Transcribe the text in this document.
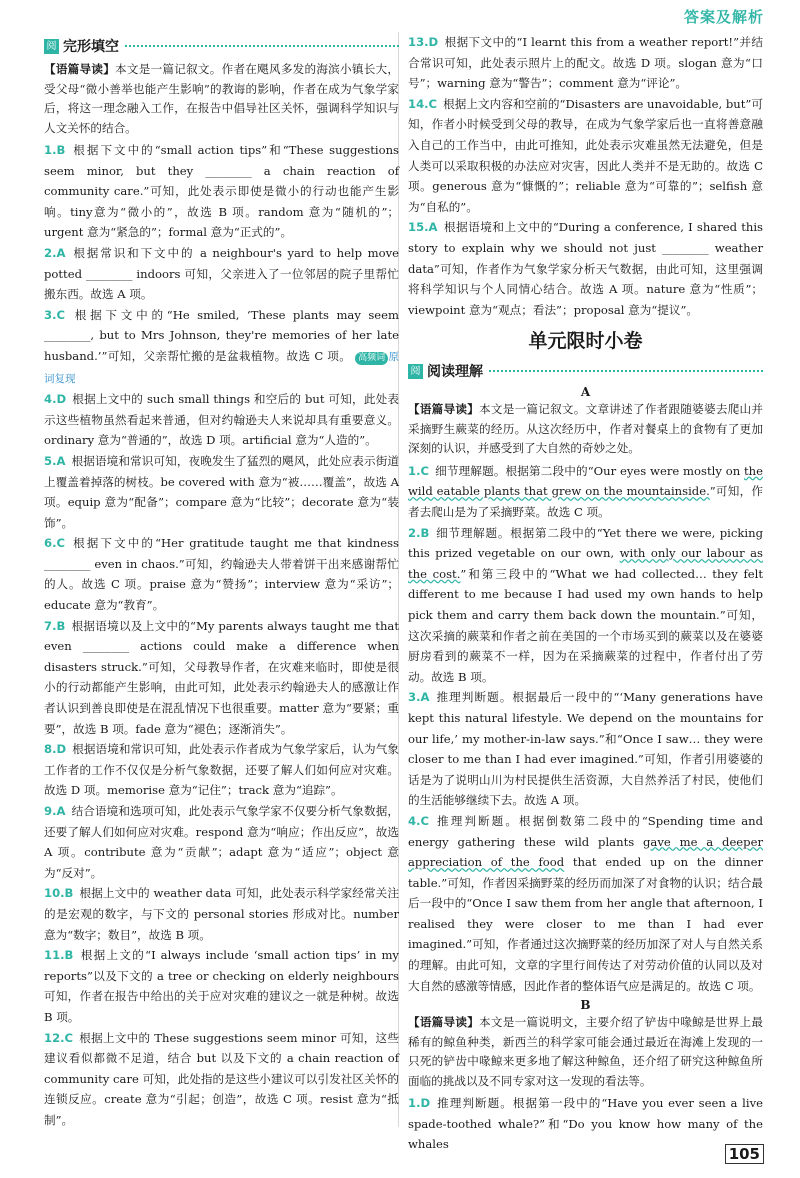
答案及解析
阅 完形填空

【语篇导读】本文是一篇记叙文。作者在飓风多发的海滨小镇长大，受父母“微小善举也能产生影响”的教诲的影响，作者在成为气象学家后，将这一理念融入工作，在报告中倡导社区关怀，强调科学知识与人文关怀的结合。

1.B 根据下文中的“small action tips”和“These suggestions seem minor, but they ________ a chain reaction of community care.”可知，此处表示即使是微小的行动也能产生影响。tiny意为“微小的”，故选 B 项。random 意为“随机的”；urgent 意为“紧急的”；formal 意为“正式的”。

2.A 根据常识和下文中的 a neighbour's yard to help move potted ________ indoors 可知，父亲进入了一位邻居的院子里帮忙搬东西。故选 A 项。

3.C 根据下文中的“He smiled, ‘These plants may seem ________, but to Mrs Johnson, they're memories of her late husband.’”可知，父亲帮忙搬的是盆栽植物。故选 C 项。 高频词 原词复现

4.D 根据上文中的 such small things 和空后的 but 可知，此处表示这些植物虽然看起来普通，但对约翰逊夫人来说却具有重要意义。ordinary 意为“普通的”，故选 D 项。artificial 意为“人造的”。

5.A 根据语境和常识可知，夜晚发生了猛烈的飓风，此处应表示街道上覆盖着掉落的树枝。be covered with 意为“被……覆盖”，故选 A 项。equip 意为“配备”；compare 意为“比较”；decorate 意为“装饰”。

6.C 根据下文中的“Her gratitude taught me that kindness ________ even in chaos.”可知，约翰逊夫人带着饼干出来感谢帮忙的人。故选 C 项。praise 意为“赞扬”；interview 意为“采访”；educate 意为“教育”。

7.B 根据语境以及上文中的“My parents always taught me that even ________ actions could make a difference when disasters struck.”可知，父母教导作者，在灾难来临时，即使是很小的行动都能产生影响，由此可知，此处表示约翰逊夫人的感激让作者认识到善良即使是在混乱情况下也很重要。matter 意为“要紧；重要”，故选 B 项。fade 意为“褪色；逐渐消失”。

8.D 根据语境和常识可知，此处表示作者成为气象学家后，认为气象工作者的工作不仅仅是分析气象数据，还要了解人们如何应对灾难。故选 D 项。memorise 意为“记住”；track 意为“追踪”。

9.A 结合语境和选项可知，此处表示气象学家不仅要分析气象数据，还要了解人们如何应对灾难。respond 意为“响应；作出反应”，故选 A 项。contribute 意为“贡献”；adapt 意为“适应”；object 意为“反对”。

10.B 根据上文中的 weather data 可知，此处表示科学家经常关注的是宏观的数字，与下文的 personal stories 形成对比。number 意为“数字；数目”，故选 B 项。

11.B 根据上文的“I always include ‘small action tips’ in my reports”以及下文的 a tree or checking on elderly neighbours 可知，作者在报告中给出的关于应对灾难的建议之一就是种树。故选 B 项。

12.C 根据上文中的 These suggestions seem minor 可知，这些建议看似都微不足道，结合 but 以及下文的 a chain reaction of community care 可知，此处指的是这些小建议可以引发社区关怀的连锁反应。create 意为“引起；创造”，故选 C 项。resist 意为“抵制”。

13.D 根据下文中的“I learnt this from a weather report!”并结合常识可知，此处表示照片上的配文。故选 D 项。slogan 意为“口号”；warning 意为“警告”；comment 意为“评论”。

14.C 根据上文内容和空前的“Disasters are unavoidable, but”可知，作者小时候受到父母的教导，在成为气象学家后也一直将善意融入自己的工作当中，由此可推知，此处表示灾难虽然无法避免，但是人类可以采取积极的办法应对灾害，因此人类并不是无助的。故选 C 项。generous 意为“慷慨的”；reliable 意为“可靠的”；selfish 意为“自私的”。

15.A 根据语境和上文中的“During a conference, I shared this story to explain why we should not just ________ weather data”可知，作者作为气象学家分析天气数据，由此可知，这里强调将科学知识与个人同情心结合。故选 A 项。nature 意为“性质”；viewpoint 意为“观点；看法”；proposal 意为“提议”。

单元限时小卷
阅 阅读理解
A

【语篇导读】本文是一篇记叙文。文章讲述了作者跟随婆婆去爬山并采摘野生蕨菜的经历。从这次经历中，作者对餐桌上的食物有了更加深刻的认识，并感受到了大自然的奇妙之处。

1.C 细节理解题。根据第二段中的“Our eyes were mostly on the wild eatable plants that grew on the mountainside.”可知，作者去爬山是为了采摘野菜。故选 C 项。

2.B 细节理解题。根据第二段中的“Yet there we were, picking this prized vegetable on our own, with only our labour as the cost.”和第三段中的“What we had collected… they felt different to me because I had used my own hands to help pick them and carry them back down the mountain.”可知，这次采摘的蕨菜和作者之前在美国的一个市场买到的蕨菜以及在婆婆厨房看到的蕨菜不一样，因为在采摘蕨菜的过程中，作者付出了劳动。故选 B 项。

3.A 推理判断题。根据最后一段中的“‘Many generations have kept this natural lifestyle. We depend on the mountains for our life,’ my mother-in-law says.”和“Once I saw… they were closer to me than I had ever imagined.”可知，作者引用婆婆的话是为了说明山川为村民提供生活资源，大自然养活了村民，使他们的生活能够继续下去。故选 A 项。

4.C 推理判断题。根据倒数第二段中的“Spending time and energy gathering these wild plants gave me a deeper appreciation of the food that ended up on the dinner table.”可知，作者因采摘野菜的经历而加深了对食物的认识；结合最后一段中的“Once I saw them from her angle that afternoon, I realised they were closer to me than I had ever imagined.”可知，作者通过这次摘野菜的经历加深了对人与自然关系的理解。由此可知，文章的字里行间传达了对劳动价值的认同以及对大自然的感激等情感，因此作者的整体语气应是满足的。故选 C 项。

B

【语篇导读】本文是一篇说明文，主要介绍了铲齿中喙鲸是世界上最稀有的鲸鱼种类，新西兰的科学家可能会通过最近在海滩上发现的一只死的铲齿中喙鲸来更多地了解这种鲸鱼，还介绍了研究这种鲸鱼所面临的挑战以及不同专家对这一发现的看法等。

1.D 推理判断题。根据第一段中的“Have you ever seen a live spade-toothed whale?”和“Do you know how many of the whales

105
